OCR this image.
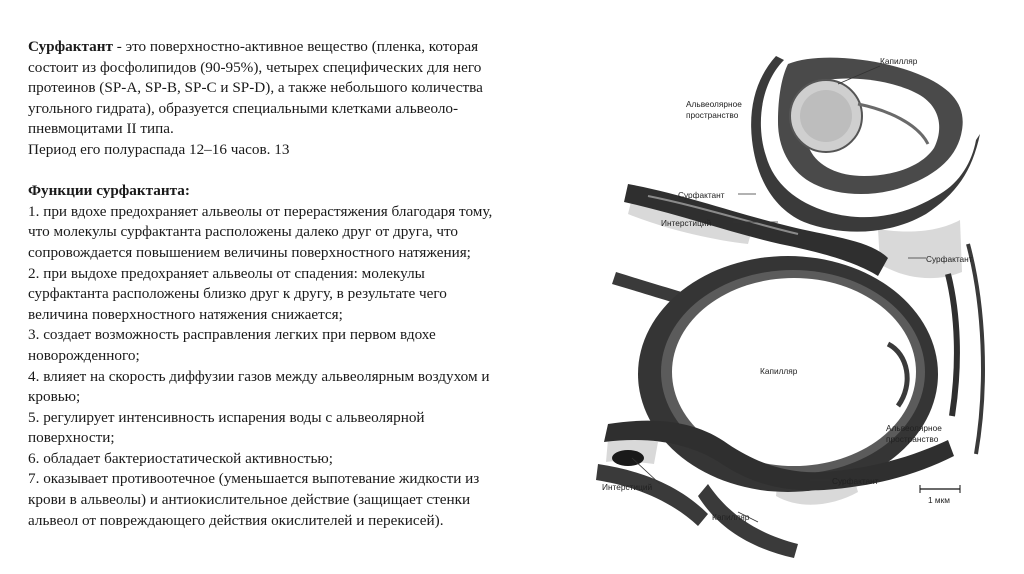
Сурфактант - это поверхностно-активное вещество (пленка, которая

состоит из фосфолипидов (90-95%), четырех специфических для него

протеинов (SP-A, SP-B, SP-C и SP-D), а также небольшого количества

угольного гидрата), образуется специальными клетками альвеоло-

пневмоцитами II типа.

Период его полураспада 12–16 часов. 13

Функции сурфактанта:

1. при вдохе предохраняет альвеолы от перерастяжения благодаря тому,

что молекулы сурфактанта расположены далеко друг от друга, что

сопровождается повышением величины поверхностного натяжения;

2. при выдохе предохраняет альвеолы от спадения: молекулы

сурфактанта расположены близко друг к другу, в результате чего

величина поверхностного натяжения снижается;

3. создает возможность расправления легких при первом вдохе

новорожденного;

4. влияет на скорость диффузии газов между альвеолярным воздухом и

кровью;

5. регулирует интенсивность испарения воды с альвеолярной

поверхности;

6. обладает бактериостатической активностью;

7. оказывает противоотечное (уменьшается выпотевание жидкости из

крови в альвеолы) и антиокислительное действие (защищает стенки

альвеол от повреждающего действия окислителей и перекисей).

Капилляр
Альвеолярное
пространство
Сурфактант
Интерстиций
Сурфактант
Капилляр
Альвеолярное
пространство
Сурфактант
Интерстиций
Капилляр
1 мкм
